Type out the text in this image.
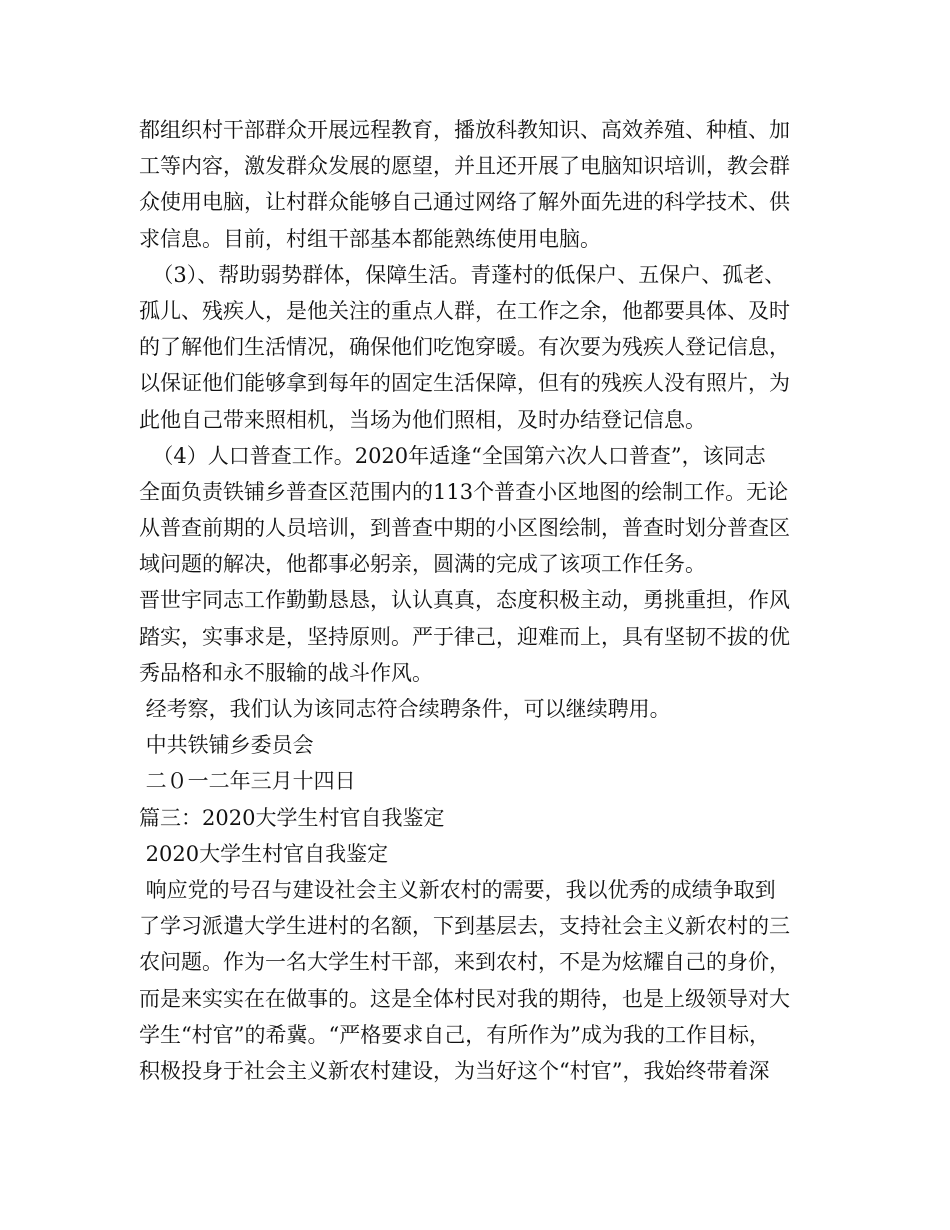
都组织村干部群众开展远程教育，播放科教知识、高效养殖、种植、加
工等内容，激发群众发展的愿望，并且还开展了电脑知识培训，教会群
众使用电脑，让村群众能够自己通过网络了解外面先进的科学技术、供
求信息。目前，村组干部基本都能熟练使用电脑。
（3）、帮助弱势群体，保障生活。青蓬村的低保户、五保户、孤老、
孤儿、残疾人，是他关注的重点人群，在工作之余，他都要具体、及时
的了解他们生活情况，确保他们吃饱穿暖。有次要为残疾人登记信息，
以保证他们能够拿到每年的固定生活保障，但有的残疾人没有照片，为
此他自己带来照相机，当场为他们照相，及时办结登记信息。
（4）人口普查工作。2020年适逢“全国第六次人口普查”，该同志
全面负责铁铺乡普查区范围内的113个普查小区地图的绘制工作。无论
从普查前期的人员培训，到普查中期的小区图绘制，普查时划分普查区
域问题的解决，他都事必躬亲，圆满的完成了该项工作任务。
晋世宇同志工作勤勤恳恳，认认真真，态度积极主动，勇挑重担，作风
踏实，实事求是，坚持原则。严于律己，迎难而上，具有坚韧不拔的优
秀品格和永不服输的战斗作风。
经考察，我们认为该同志符合续聘条件，可以继续聘用。
中共铁铺乡委员会
二０一二年三月十四日
篇三：2020大学生村官自我鉴定
2020大学生村官自我鉴定
响应党的号召与建设社会主义新农村的需要，我以优秀的成绩争取到
了学习派遣大学生进村的名额，下到基层去，支持社会主义新农村的三
农问题。作为一名大学生村干部，来到农村，不是为炫耀自己的身价，
而是来实实在在做事的。这是全体村民对我的期待，也是上级领导对大
学生“村官”的希冀。“严格要求自己，有所作为”成为我的工作目标，
积极投身于社会主义新农村建设，为当好这个“村官”，我始终带着深
